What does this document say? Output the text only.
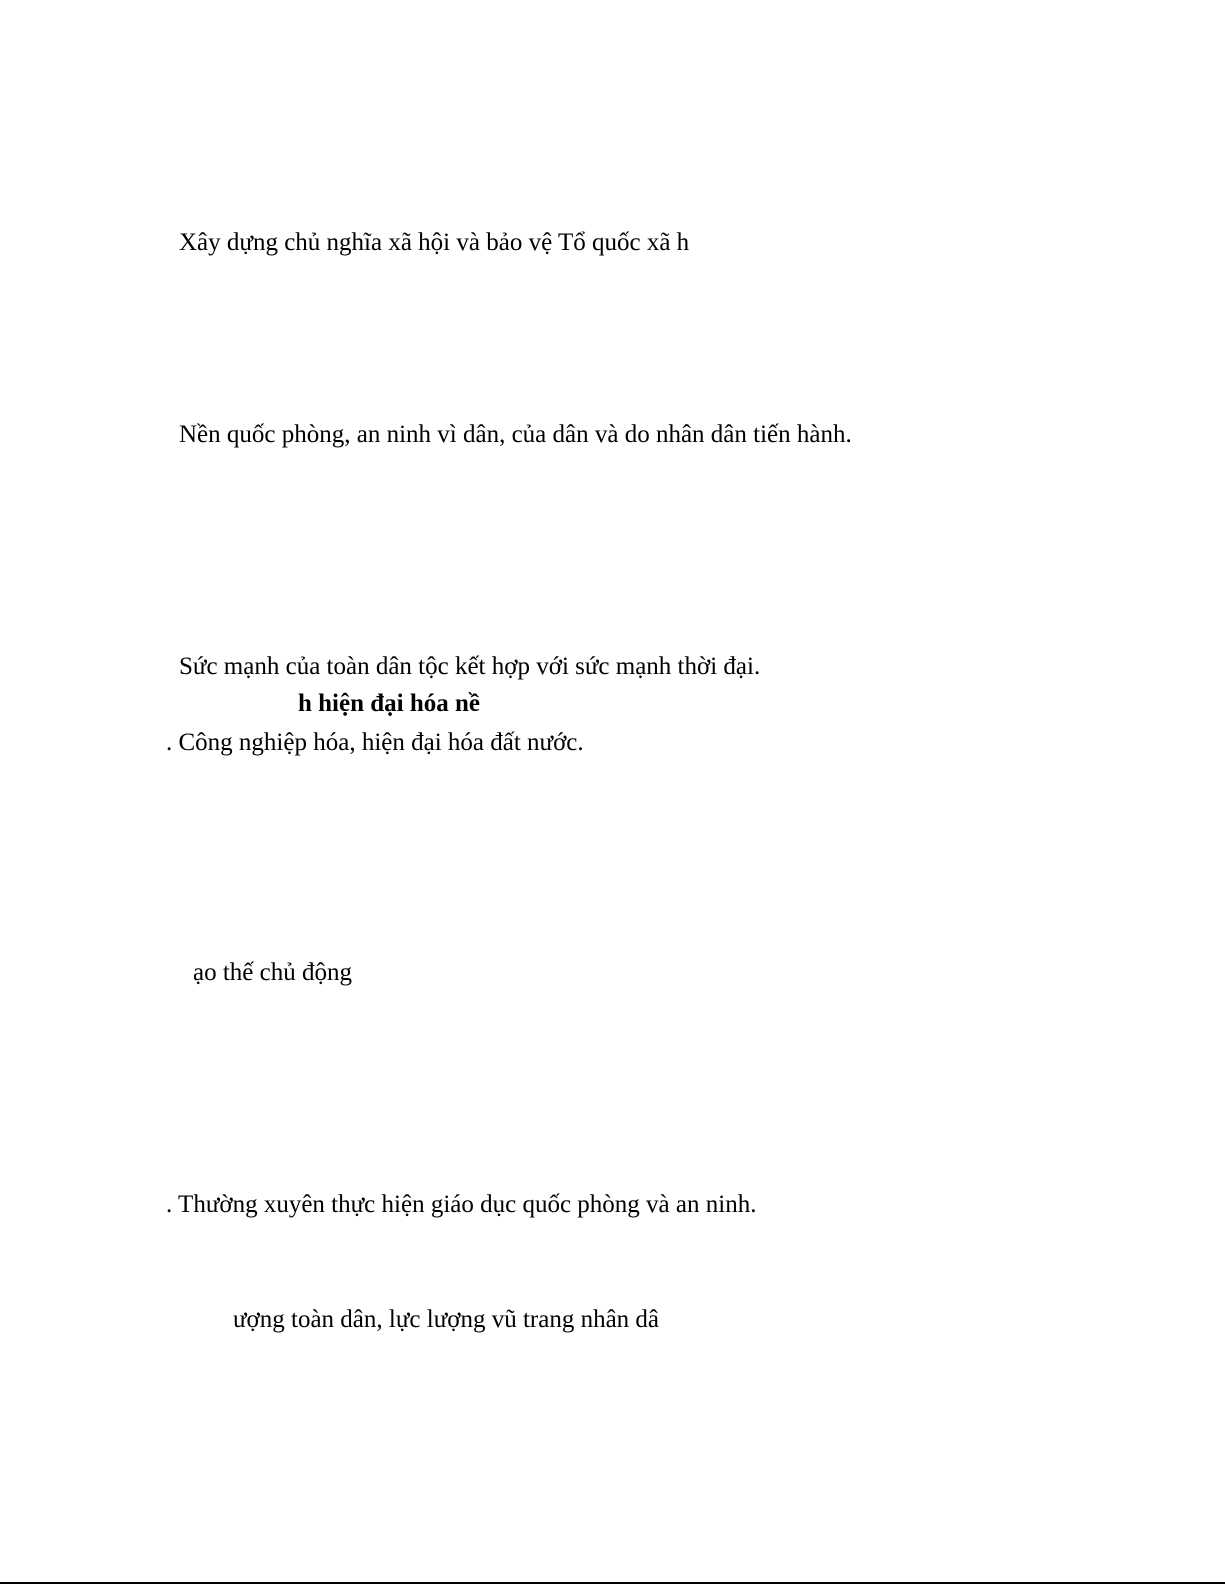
Xây dựng chủ nghĩa xã hội và bảo vệ Tổ quốc xã h
Nền quốc phòng, an ninh vì dân, của dân và do nhân dân tiến hành.
Sức mạnh của toàn dân tộc kết hợp với sức mạnh thời đại.
h hiện đại hóa nề
. Công nghiệp hóa, hiện đại hóa đất nước.
ạo thế chủ động
. Thường xuyên thực hiện giáo dục quốc phòng và an ninh.
ượng toàn dân, lực lượng vũ trang nhân dâ
